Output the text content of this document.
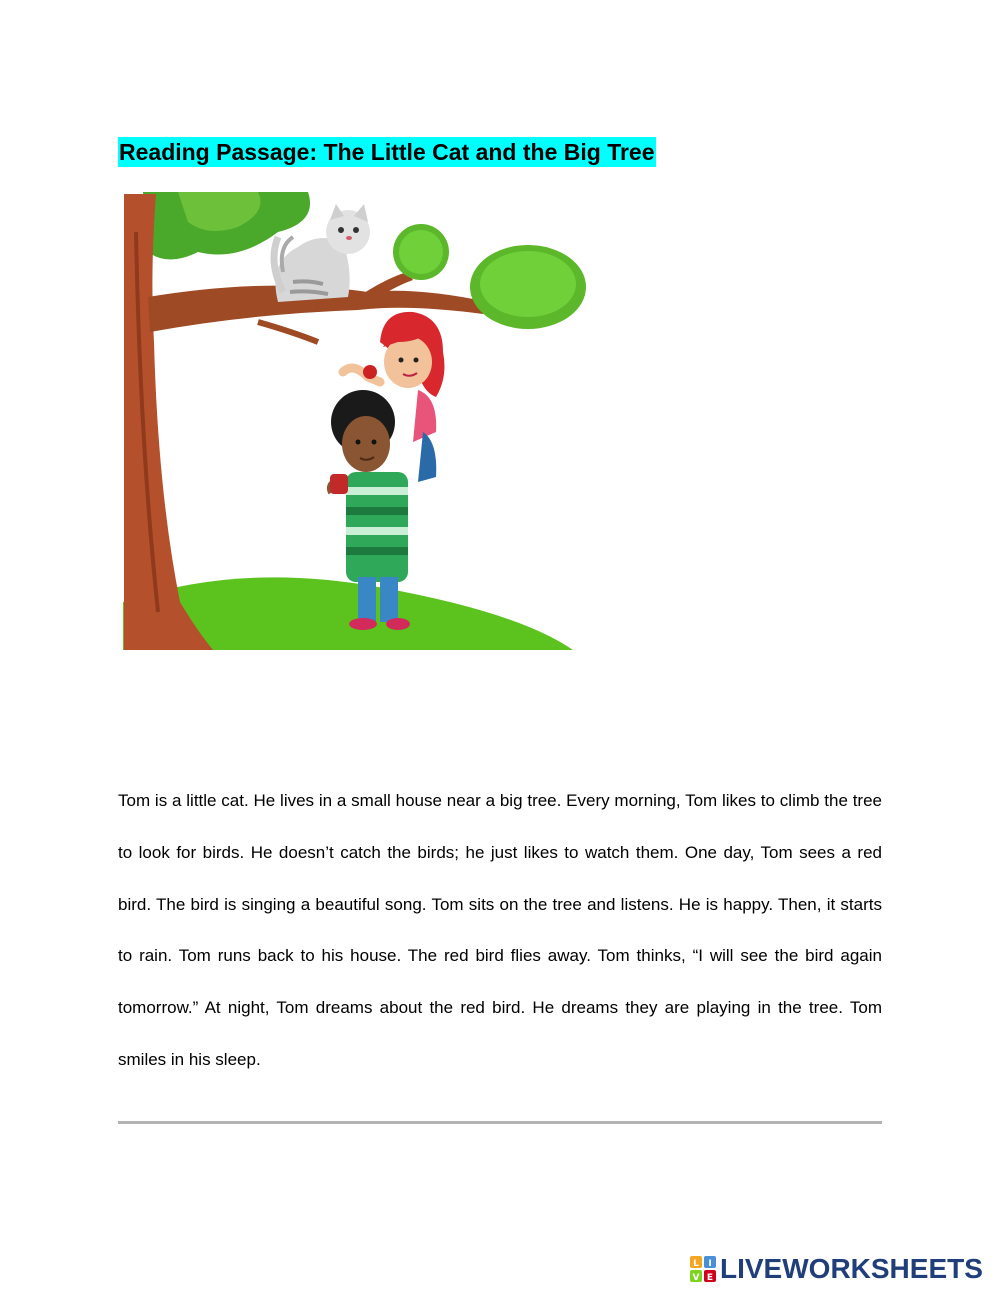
Reading Passage: The Little Cat and the Big Tree

Tom is a little cat. He lives in a small house near a big tree. Every morning, Tom likes to climb the tree to look for birds. He doesn’t catch the birds; he just likes to watch them. One day, Tom sees a red bird. The bird is singing a beautiful song. Tom sits on the tree and listens. He is happy. Then, it starts to rain. Tom runs back to his house. The red bird flies away. Tom thinks, “I will see the bird again tomorrow.” At night, Tom dreams about the red bird. He dreams they are playing in the tree. Tom smiles in his sleep.

L I
V E LIVEWORKSHEETS
